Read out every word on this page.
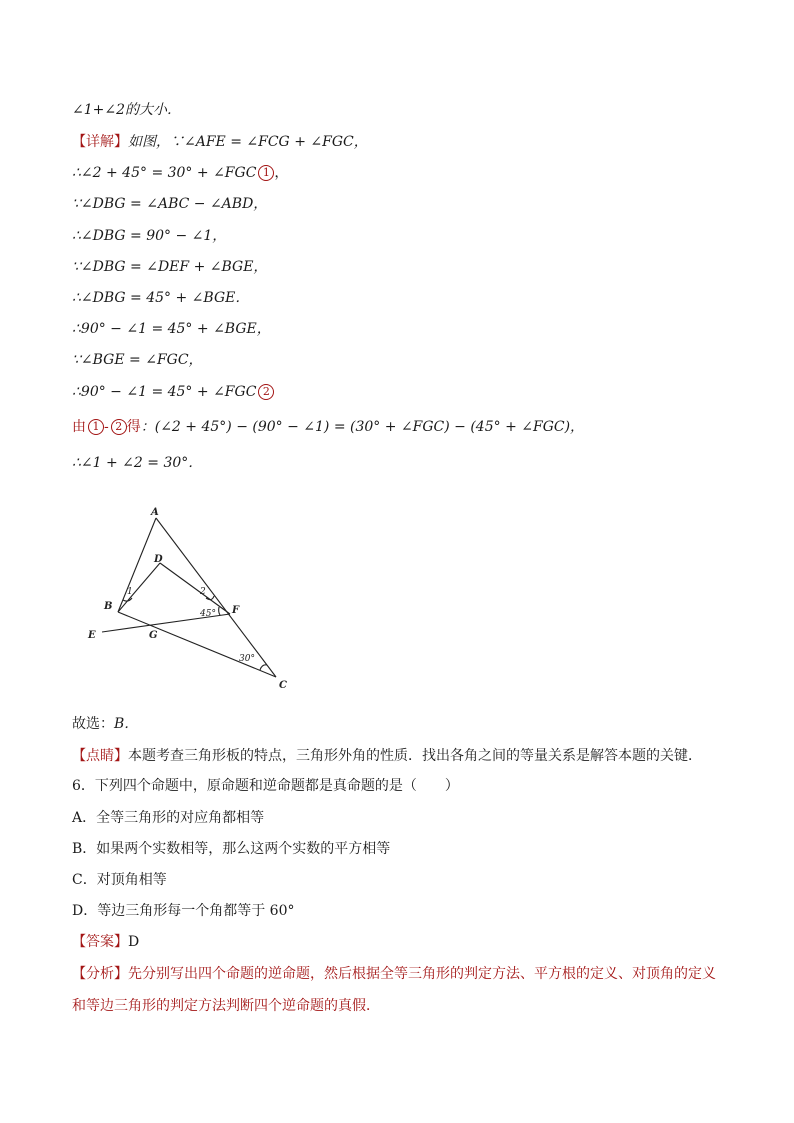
∠1+∠2的大小．
【详解】如图，∵∠AFE = ∠FCG + ∠FGC，
∴∠2 + 45° = 30° + ∠FGC 1 ，
∵∠DBG = ∠ABC − ∠ABD，
∴∠DBG = 90° − ∠1，
∵∠DBG = ∠DEF + ∠BGE，
∴∠DBG = 45° + ∠BGE．
∴90° − ∠1 = 45° + ∠BGE，
∵∠BGE = ∠FGC，
∴90° − ∠1 = 45° + ∠FGC 2
由 1 - 2 得：(∠2 + 45°) − (90° − ∠1) = (30° + ∠FGC) − (45° + ∠FGC)，
∴∠1 + ∠2 = 30°．
A
D
B	F
E	G
C
1	2
45°
30°
故选：B．
【点睛】本题考查三角形板的特点，三角形外角的性质．找出各角之间的等量关系是解答本题的关键．
6．下列四个命题中，原命题和逆命题都是真命题的是（　　）
A．全等三角形的对应角都相等
B．如果两个实数相等，那么这两个实数的平方相等
C．对顶角相等
D．等边三角形每一个角都等于 60°
【答案】D
【分析】先分别写出四个命题的逆命题，然后根据全等三角形的判定方法、平方根的定义、对顶角的定义
和等边三角形的判定方法判断四个逆命题的真假．
